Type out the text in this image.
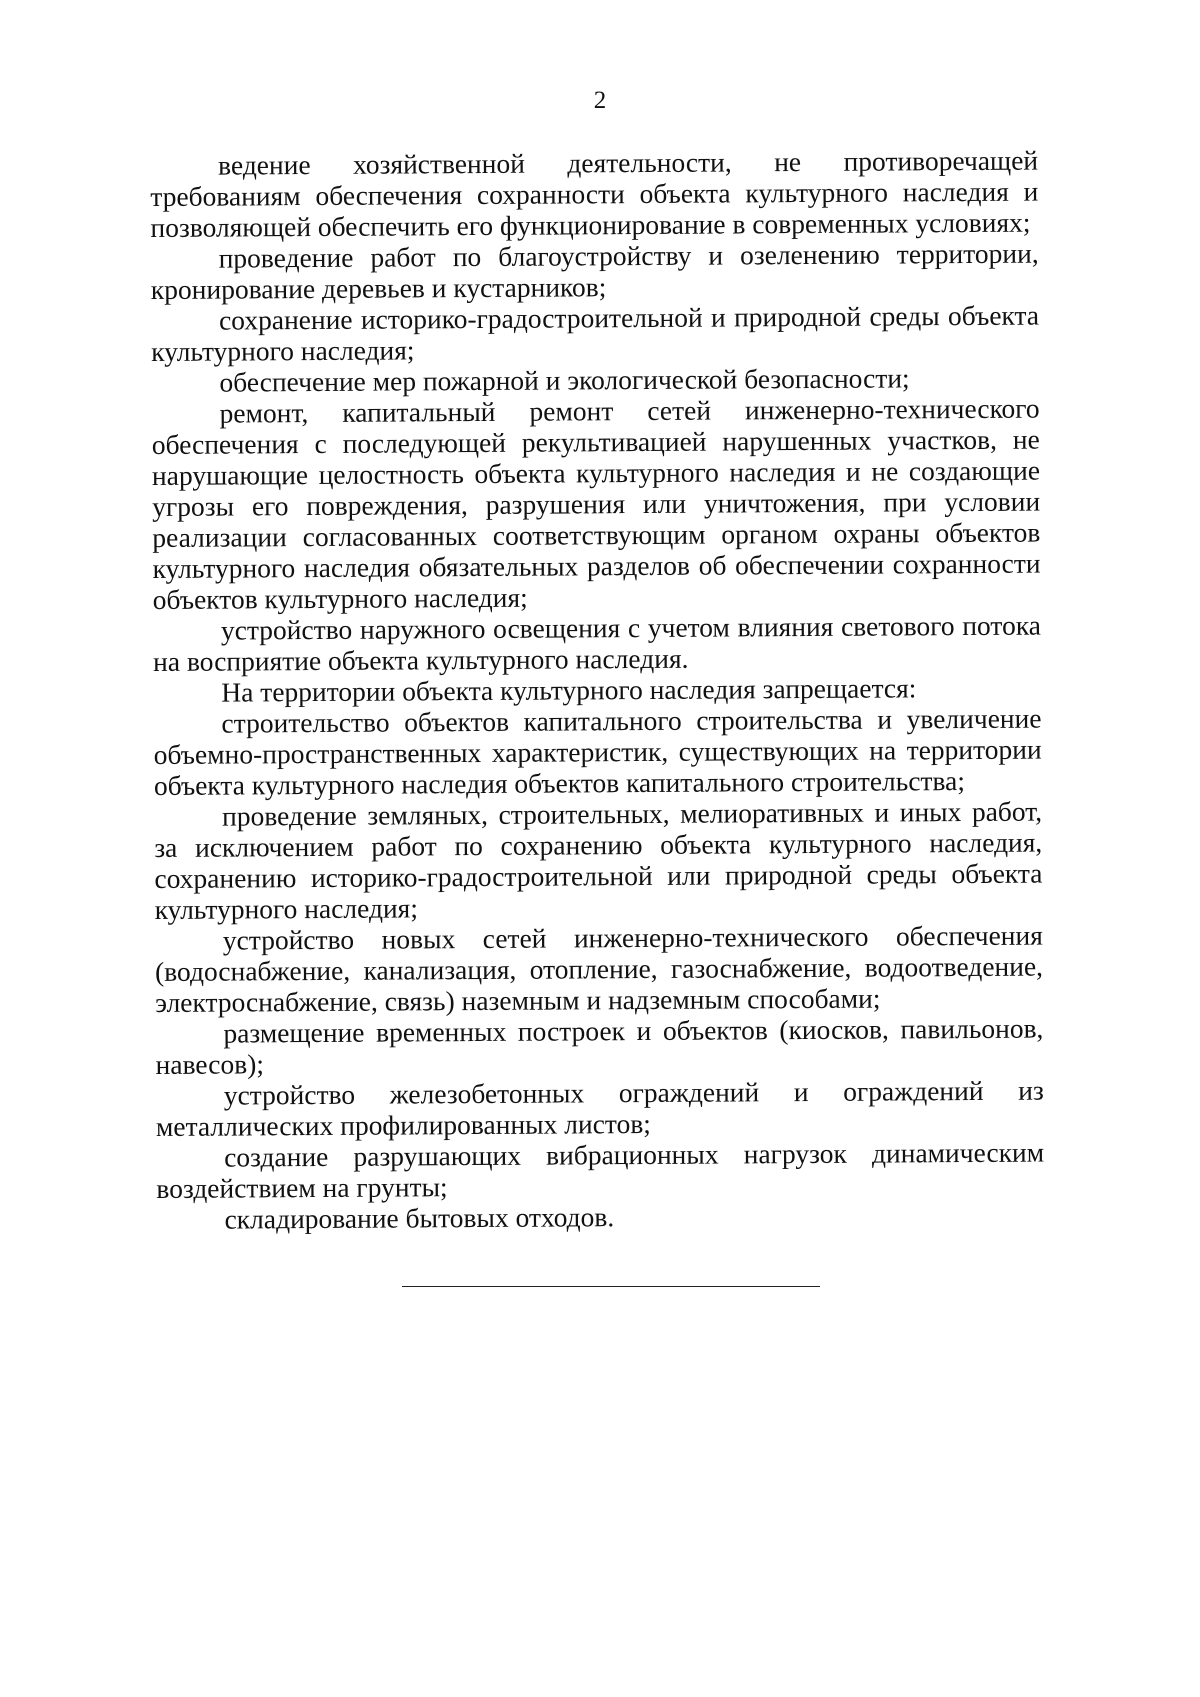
2

ведение хозяйственной деятельности, не противоречащей требованиям обеспечения сохранности объекта культурного наследия и позволяющей обеспечить его функционирование в современных условиях;

проведение работ по благоустройству и озеленению территории, кронирование деревьев и кустарников;

сохранение историко-градостроительной и природной среды объекта культурного наследия;

обеспечение мер пожарной и экологической безопасности;

ремонт, капитальный ремонт сетей инженерно-технического обеспечения с последующей рекультивацией нарушенных участков, не нарушающие целостность объекта культурного наследия и не создающие угрозы его повреждения, разрушения или уничтожения, при условии реализации согласованных соответствующим органом охраны объектов культурного наследия обязательных разделов об обеспечении сохранности объектов культурного наследия;

устройство наружного освещения с учетом влияния светового потока на восприятие объекта культурного наследия.

На территории объекта культурного наследия запрещается:

строительство объектов капитального строительства и увеличение объемно-пространственных характеристик, существующих на территории объекта культурного наследия объектов капитального строительства;

проведение земляных, строительных, мелиоративных и иных работ, за исключением работ по сохранению объекта культурного наследия, сохранению историко-градостроительной или природной среды объекта культурного наследия;

устройство новых сетей инженерно-технического обеспечения (водоснабжение, канализация, отопление, газоснабжение, водоотведение, электроснабжение, связь) наземным и надземным способами;

размещение временных построек и объектов (киосков, павильонов, навесов);

устройство железобетонных ограждений и ограждений из металлических профилированных листов;

создание разрушающих вибрационных нагрузок динамическим воздействием на грунты;

складирование бытовых отходов.
